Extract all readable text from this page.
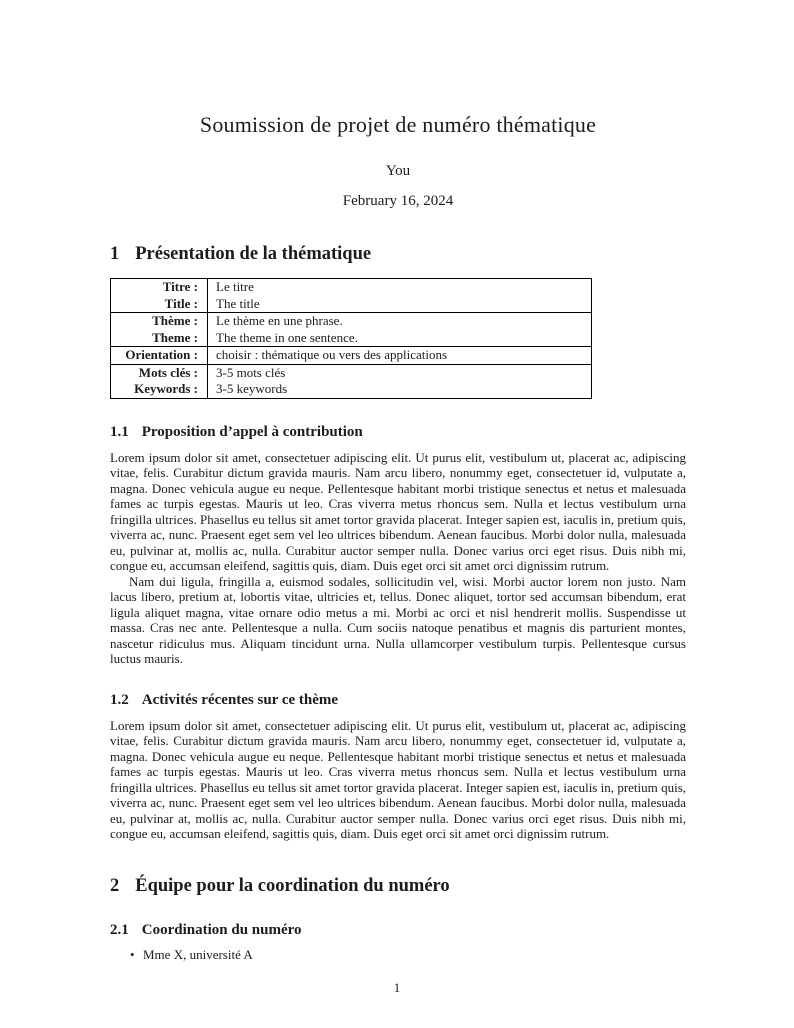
Soumission de projet de numéro thématique
You
February 16, 2024
1 Présentation de la thématique
Titre :	Le titre
Title :	The title
Thème :	Le thème en une phrase.
Theme :	The theme in one sentence.
Orientation :	choisir : thématique ou vers des applications
Mots clés :	3-5 mots clés
Keywords :	3-5 keywords
1.1 Proposition d’appel à contribution

Lorem ipsum dolor sit amet, consectetuer adipiscing elit. Ut purus elit, vestibulum ut, placerat ac, adipiscing vitae, felis. Curabitur dictum gravida mauris. Nam arcu libero, nonummy eget, consectetuer id, vulputate a, magna. Donec vehicula augue eu neque. Pellentesque habitant morbi tristique senectus et netus et malesuada fames ac turpis egestas. Mauris ut leo. Cras viverra metus rhoncus sem. Nulla et lectus vestibulum urna fringilla ultrices. Phasellus eu tellus sit amet tortor gravida placerat. Integer sapien est, iaculis in, pretium quis, viverra ac, nunc. Praesent eget sem vel leo ultrices bibendum. Aenean faucibus. Morbi dolor nulla, malesuada eu, pulvinar at, mollis ac, nulla. Curabitur auctor semper nulla. Donec varius orci eget risus. Duis nibh mi, congue eu, accumsan eleifend, sagittis quis, diam. Duis eget orci sit amet orci dignissim rutrum.

Nam dui ligula, fringilla a, euismod sodales, sollicitudin vel, wisi. Morbi auctor lorem non justo. Nam lacus libero, pretium at, lobortis vitae, ultricies et, tellus. Donec aliquet, tortor sed accumsan bibendum, erat ligula aliquet magna, vitae ornare odio metus a mi. Morbi ac orci et nisl hendrerit mollis. Suspendisse ut massa. Cras nec ante. Pellentesque a nulla. Cum sociis natoque penatibus et magnis dis parturient montes, nascetur ridiculus mus. Aliquam tincidunt urna. Nulla ullamcorper vestibulum turpis. Pellentesque cursus luctus mauris.

1.2 Activités récentes sur ce thème

Lorem ipsum dolor sit amet, consectetuer adipiscing elit. Ut purus elit, vestibulum ut, placerat ac, adipiscing vitae, felis. Curabitur dictum gravida mauris. Nam arcu libero, nonummy eget, consectetuer id, vulputate a, magna. Donec vehicula augue eu neque. Pellentesque habitant morbi tristique senectus et netus et malesuada fames ac turpis egestas. Mauris ut leo. Cras viverra metus rhoncus sem. Nulla et lectus vestibulum urna fringilla ultrices. Phasellus eu tellus sit amet tortor gravida placerat. Integer sapien est, iaculis in, pretium quis, viverra ac, nunc. Praesent eget sem vel leo ultrices bibendum. Aenean faucibus. Morbi dolor nulla, malesuada eu, pulvinar at, mollis ac, nulla. Curabitur auctor semper nulla. Donec varius orci eget risus. Duis nibh mi, congue eu, accumsan eleifend, sagittis quis, diam. Duis eget orci sit amet orci dignissim rutrum.

2 Équipe pour la coordination du numéro
2.1 Coordination du numéro
• Mme X, université A
1
